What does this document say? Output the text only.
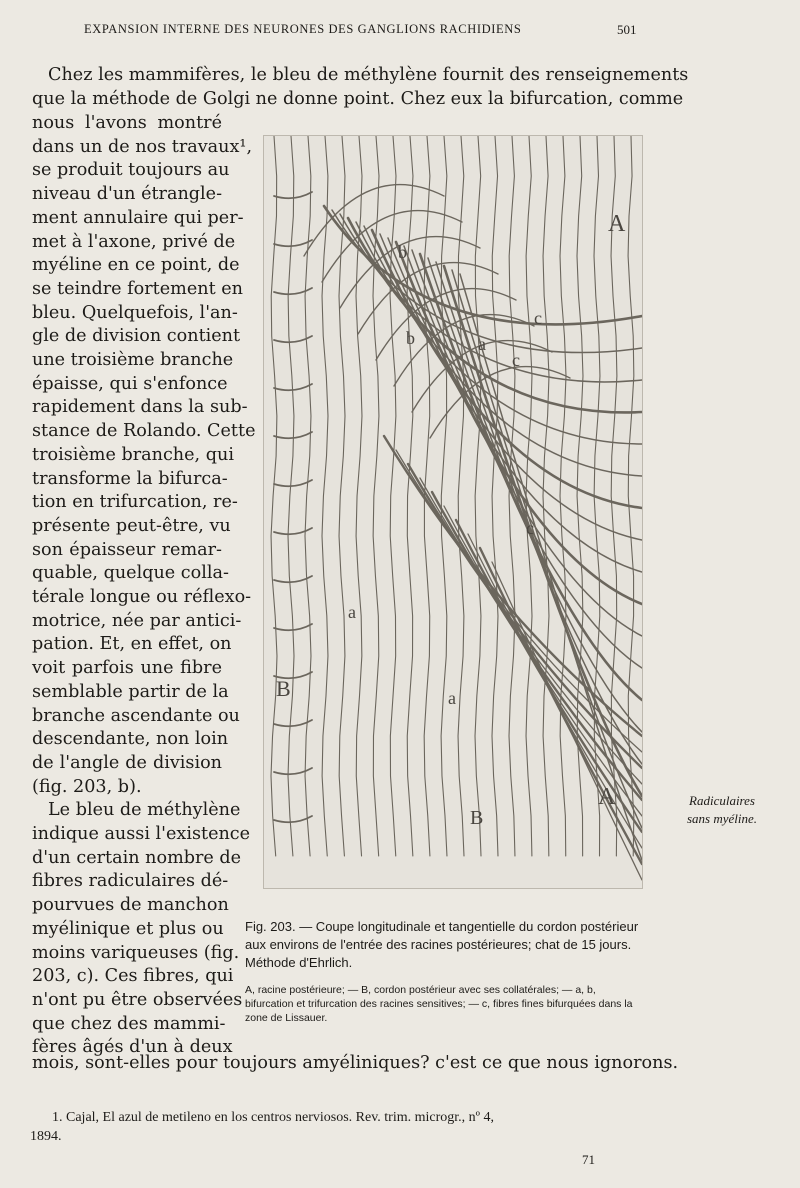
EXPANSION INTERNE DES NEURONES DES GANGLIONS RACHIDIENS	501
Chez les mammifères, le bleu de méthylène fournit des renseignements
que la méthode de Golgi ne donne point. Chez eux la bifurcation, comme
nous l'avons montré
dans un de nos travaux¹,
se produit toujours au
niveau d'un étrangle-
ment annulaire qui per-
met à l'axone, privé de
myéline en ce point, de
se teindre fortement en
bleu. Quelquefois, l'an-
gle de division contient
une troisième branche
épaisse, qui s'enfonce
rapidement dans la sub-
stance de Rolando. Cette
troisième branche, qui
transforme la bifurca-
tion en trifurcation, re-
présente peut-être, vu
son épaisseur remar-
quable, quelque colla-
térale longue ou réflexo-
motrice, née par antici-
pation. Et, en effet, on
voit parfois une fibre
semblable partir de la
branche ascendante ou
descendante, non loin
de l'angle de division
(fig. 203, b).
Le bleu de méthylène
indique aussi l'existence
d'un certain nombre de
fibres radiculaires dé-
pourvues de manchon
myélinique et plus ou
moins variqueuses (fig.
203, c). Ces fibres, qui
n'ont pu être observées
que chez des mammi-
fères âgés d'un à deux
mois, sont-elles pour toujours amyéliniques? c'est ce que nous ignorons.
A
A
B
B
b
b	a
a
a
c
c
c
Fig. 203. — Coupe longitudinale et tangentielle du cordon postérieur aux environs de l'entrée des racines postérieures; chat de 15 jours. Méthode d'Ehrlich.
A, racine postérieure; — B, cordon postérieur avec ses collatérales; — a, b, bifurcation et trifurcation des racines sensitives; — c, fibres fines bifurquées dans la zone de Lissauer.
Radiculaires
sans myéline.
1. Cajal, El azul de metileno en los centros nerviosos. Rev. trim. microgr., nº 4,
1894.
71
